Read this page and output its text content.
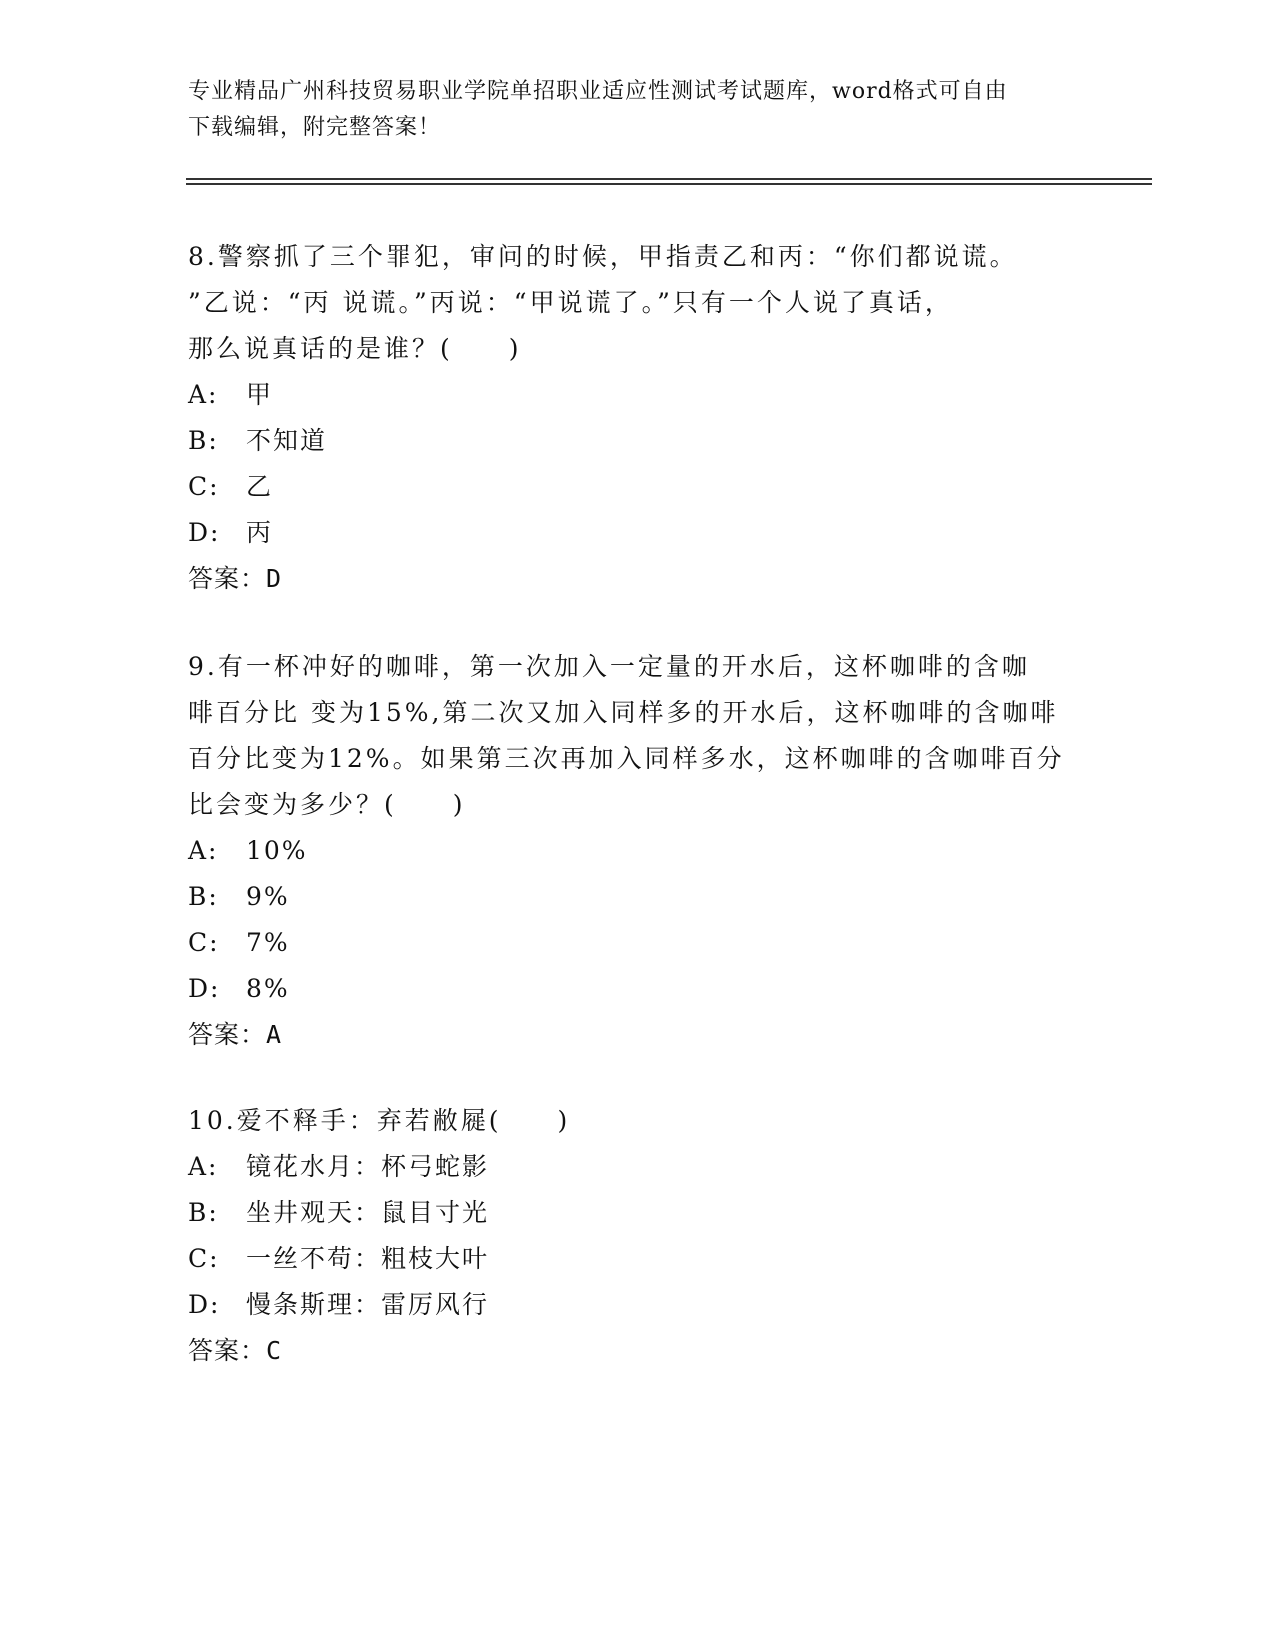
专业精品广州科技贸易职业学院单招职业适应性测试考试题库，word格式可自由
下载编辑，附完整答案！

8.警察抓了三个罪犯，审问的时候，甲指责乙和丙：“你们都说谎。
”乙说：“丙 说谎。”丙说：“甲说谎了。”只有一个人说了真话，
那么说真话的是谁？(　　)

A:	甲
B:	不知道
C:	乙
D:	丙
答案：D

9.有一杯冲好的咖啡，第一次加入一定量的开水后，这杯咖啡的含咖
啡百分比 变为15%,第二次又加入同样多的开水后，这杯咖啡的含咖啡
百分比变为12%。如果第三次再加入同样多水，这杯咖啡的含咖啡百分
比会变为多少？(　　)

A:	10%
B:	9%
C:	7%
D:	8%
答案：A

10.爱不释手：弃若敝屣(　　)

A:	镜花水月：杯弓蛇影
B:	坐井观天：鼠目寸光
C:	一丝不苟：粗枝大叶
D:	慢条斯理：雷厉风行
答案：C
